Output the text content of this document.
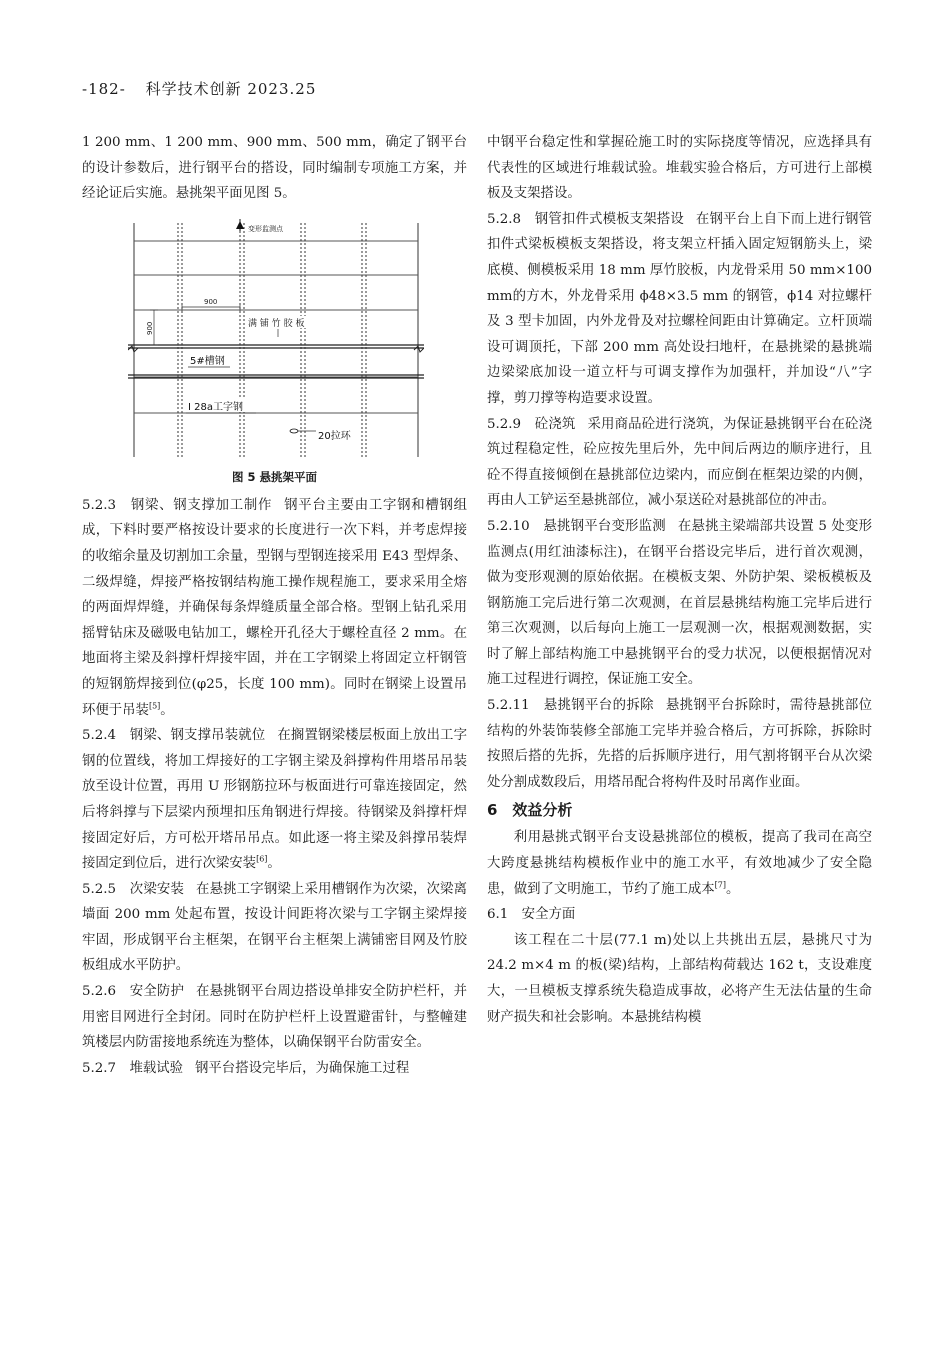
-182- 科学技术创新 2023.25

1 200 mm、1 200 mm、900 mm、500 mm，确定了钢平台的设计参数后，进行钢平台的搭设，同时编制专项施工方案，并经论证后实施。悬挑架平面见图 5。

变形监测点
900
900	满 铺 竹 胶 板
5#槽钢
I 28a工字钢
20拉环

图 5 悬挑架平面

5.2.3　钢梁、钢支撑加工制作 钢平台主要由工字钢和槽钢组成，下料时要严格按设计要求的长度进行一次下料，并考虑焊接的收缩余量及切割加工余量，型钢与型钢连接采用 E43 型焊条、二级焊缝，焊接严格按钢结构施工操作规程施工，要求采用全熔的两面焊焊缝，并确保每条焊缝质量全部合格。型钢上钻孔采用摇臂钻床及磁吸电钻加工，螺栓开孔径大于螺栓直径 2 mm。在地面将主梁及斜撑杆焊接牢固，并在工字钢梁上将固定立杆钢管的短钢筋焊接到位(φ25，长度 100 mm)。同时在钢梁上设置吊环便于吊装[5]。

5.2.4　钢梁、钢支撑吊装就位 在搁置钢梁楼层板面上放出工字钢的位置线，将加工焊接好的工字钢主梁及斜撑构件用塔吊吊装放至设计位置，再用 U 形钢筋拉环与板面进行可靠连接固定，然后将斜撑与下层梁内预埋扣压角钢进行焊接。待钢梁及斜撑杆焊接固定好后，方可松开塔吊吊点。如此逐一将主梁及斜撑吊装焊接固定到位后，进行次梁安装[6]。

5.2.5　次梁安装 在悬挑工字钢梁上采用槽钢作为次梁，次梁离墙面 200 mm 处起布置，按设计间距将次梁与工字钢主梁焊接牢固，形成钢平台主框架，在钢平台主框架上满铺密目网及竹胶板组成水平防护。

5.2.6　安全防护 在悬挑钢平台周边搭设单排安全防护栏杆，并用密目网进行全封闭。同时在防护栏杆上设置避雷针，与整幢建筑楼层内防雷接地系统连为整体，以确保钢平台防雷安全。

5.2.7　堆载试验 钢平台搭设完毕后，为确保施工过程

中钢平台稳定性和掌握砼施工时的实际挠度等情况，应选择具有代表性的区域进行堆载试验。堆载实验合格后，方可进行上部模板及支架搭设。

5.2.8　钢管扣件式模板支架搭设 在钢平台上自下而上进行钢管扣件式梁板模板支架搭设，将支架立杆插入固定短钢筋头上，梁底模、侧模板采用 18 mm 厚竹胶板，内龙骨采用 50 mm×100 mm的方木，外龙骨采用 ϕ48×3.5 mm 的钢管，ϕ14 对拉螺杆及 3 型卡加固，内外龙骨及对拉螺栓间距由计算确定。立杆顶端设可调顶托，下部 200 mm 高处设扫地杆，在悬挑梁的悬挑端边梁梁底加设一道立杆与可调支撑作为加强杆，并加设“八”字撑，剪刀撑等构造要求设置。

5.2.9　砼浇筑 采用商品砼进行浇筑，为保证悬挑钢平台在砼浇筑过程稳定性，砼应按先里后外，先中间后两边的顺序进行，且砼不得直接倾倒在悬挑部位边梁内，而应倒在框架边梁的内侧，再由人工铲运至悬挑部位，减小泵送砼对悬挑部位的冲击。

5.2.10　悬挑钢平台变形监测 在悬挑主梁端部共设置 5 处变形监测点(用红油漆标注)，在钢平台搭设完毕后，进行首次观测，做为变形观测的原始依据。在模板支架、外防护架、梁板模板及钢筋施工完后进行第二次观测，在首层悬挑结构施工完毕后进行第三次观测，以后每向上施工一层观测一次，根据观测数据，实时了解上部结构施工中悬挑钢平台的受力状况，以便根据情况对施工过程进行调控，保证施工安全。

5.2.11　悬挑钢平台的拆除 悬挑钢平台拆除时，需待悬挑部位结构的外装饰装修全部施工完毕并验合格后，方可拆除，拆除时按照后搭的先拆，先搭的后拆顺序进行，用气割将钢平台从次梁处分割成数段后，用塔吊配合将构件及时吊离作业面。

6　效益分析

利用悬挑式钢平台支设悬挑部位的模板，提高了我司在高空大跨度悬挑结构模板作业中的施工水平，有效地减少了安全隐患，做到了文明施工，节约了施工成本[7]。

6.1　安全方面

该工程在二十层(77.1 m)处以上共挑出五层，悬挑尺寸为 24.2 m×4 m 的板(梁)结构，上部结构荷载达 162 t，支设难度大，一旦模板支撑系统失稳造成事故，必将产生无法估量的生命财产损失和社会影响。本悬挑结构模
